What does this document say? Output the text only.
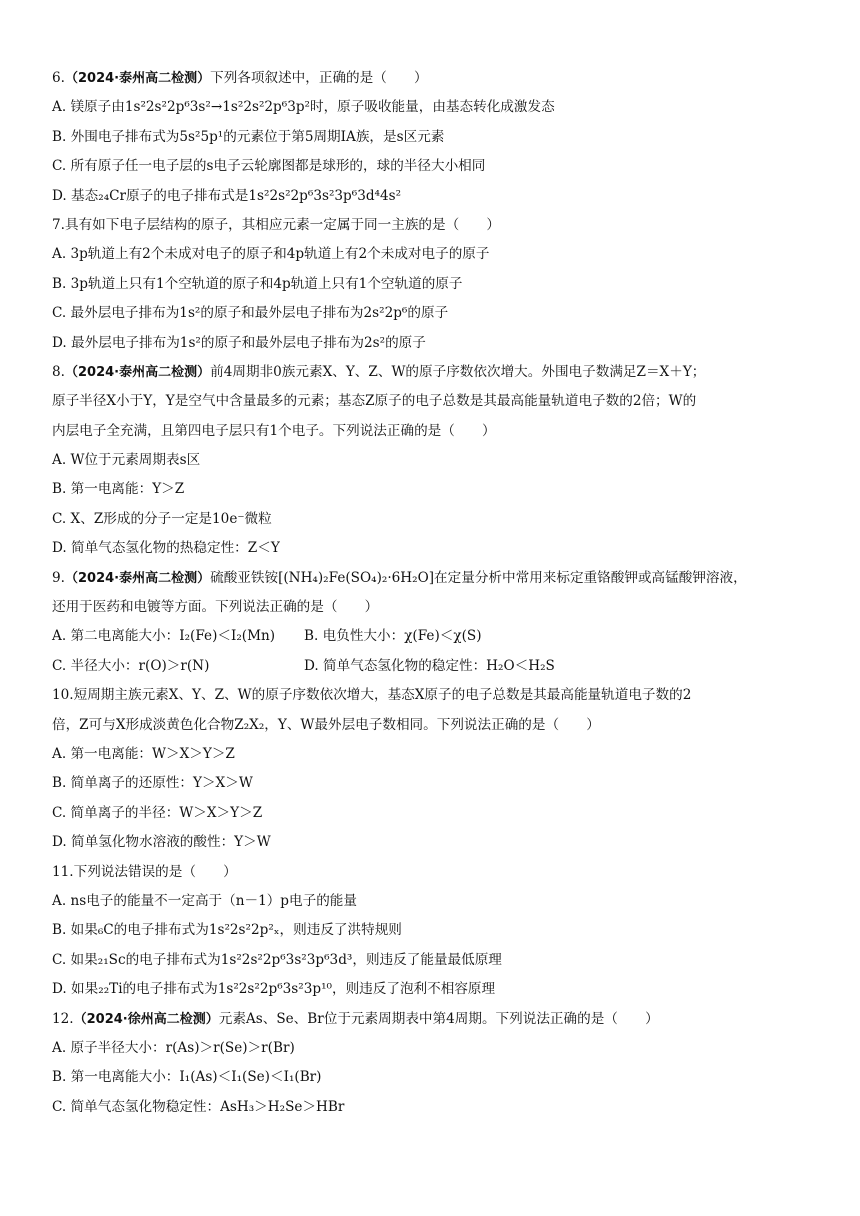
6.（2024·泰州高二检测）下列各项叙述中，正确的是（　　）
A. 镁原子由1s²2s²2p⁶3s²→1s²2s²2p⁶3p²时，原子吸收能量，由基态转化成激发态
B. 外围电子排布式为5s²5p¹的元素位于第5周期ⅠA族，是s区元素
C. 所有原子任一电子层的s电子云轮廓图都是球形的，球的半径大小相同
D. 基态₂₄Cr原子的电子排布式是1s²2s²2p⁶3s²3p⁶3d⁴4s²
7.具有如下电子层结构的原子，其相应元素一定属于同一主族的是（　　）
A. 3p轨道上有2个未成对电子的原子和4p轨道上有2个未成对电子的原子
B. 3p轨道上只有1个空轨道的原子和4p轨道上只有1个空轨道的原子
C. 最外层电子排布为1s²的原子和最外层电子排布为2s²2p⁶的原子
D. 最外层电子排布为1s²的原子和最外层电子排布为2s²的原子
8.（2024·泰州高二检测）前4周期非0族元素X、Y、Z、W的原子序数依次增大。外围电子数满足Z＝X＋Y；
原子半径X小于Y，Y是空气中含量最多的元素；基态Z原子的电子总数是其最高能量轨道电子数的2倍；W的
内层电子全充满，且第四电子层只有1个电子。下列说法正确的是（　　）
A. W位于元素周期表s区
B. 第一电离能：Y＞Z
C. X、Z形成的分子一定是10e⁻微粒
D. 简单气态氢化物的热稳定性：Z＜Y
9.（2024·泰州高二检测）硫酸亚铁铵[(NH₄)₂Fe(SO₄)₂·6H₂O]在定量分析中常用来标定重铬酸钾或高锰酸钾溶液，
还用于医药和电镀等方面。下列说法正确的是（　　）
A. 第二电离能大小：I₂(Fe)＜I₂(Mn)	B. 电负性大小：χ(Fe)＜χ(S)
C. 半径大小：r(O)＞r(N)	D. 简单气态氢化物的稳定性：H₂O＜H₂S
10.短周期主族元素X、Y、Z、W的原子序数依次增大，基态X原子的电子总数是其最高能量轨道电子数的2
倍，Z可与X形成淡黄色化合物Z₂X₂，Y、W最外层电子数相同。下列说法正确的是（　　）
A. 第一电离能：W＞X＞Y＞Z
B. 简单离子的还原性：Y＞X＞W
C. 简单离子的半径：W＞X＞Y＞Z
D. 简单氢化物水溶液的酸性：Y＞W
11.下列说法错误的是（　　）
A. ns电子的能量不一定高于（n－1）p电子的能量
B. 如果₆C的电子排布式为1s²2s²2p²ₓ，则违反了洪特规则
C. 如果₂₁Sc的电子排布式为1s²2s²2p⁶3s²3p⁶3d³，则违反了能量最低原理
D. 如果₂₂Ti的电子排布式为1s²2s²2p⁶3s²3p¹⁰，则违反了泡利不相容原理
12.（2024·徐州高二检测）元素As、Se、Br位于元素周期表中第4周期。下列说法正确的是（　　）
A. 原子半径大小：r(As)＞r(Se)＞r(Br)
B. 第一电离能大小：I₁(As)＜I₁(Se)＜I₁(Br)
C. 简单气态氢化物稳定性：AsH₃＞H₂Se＞HBr
